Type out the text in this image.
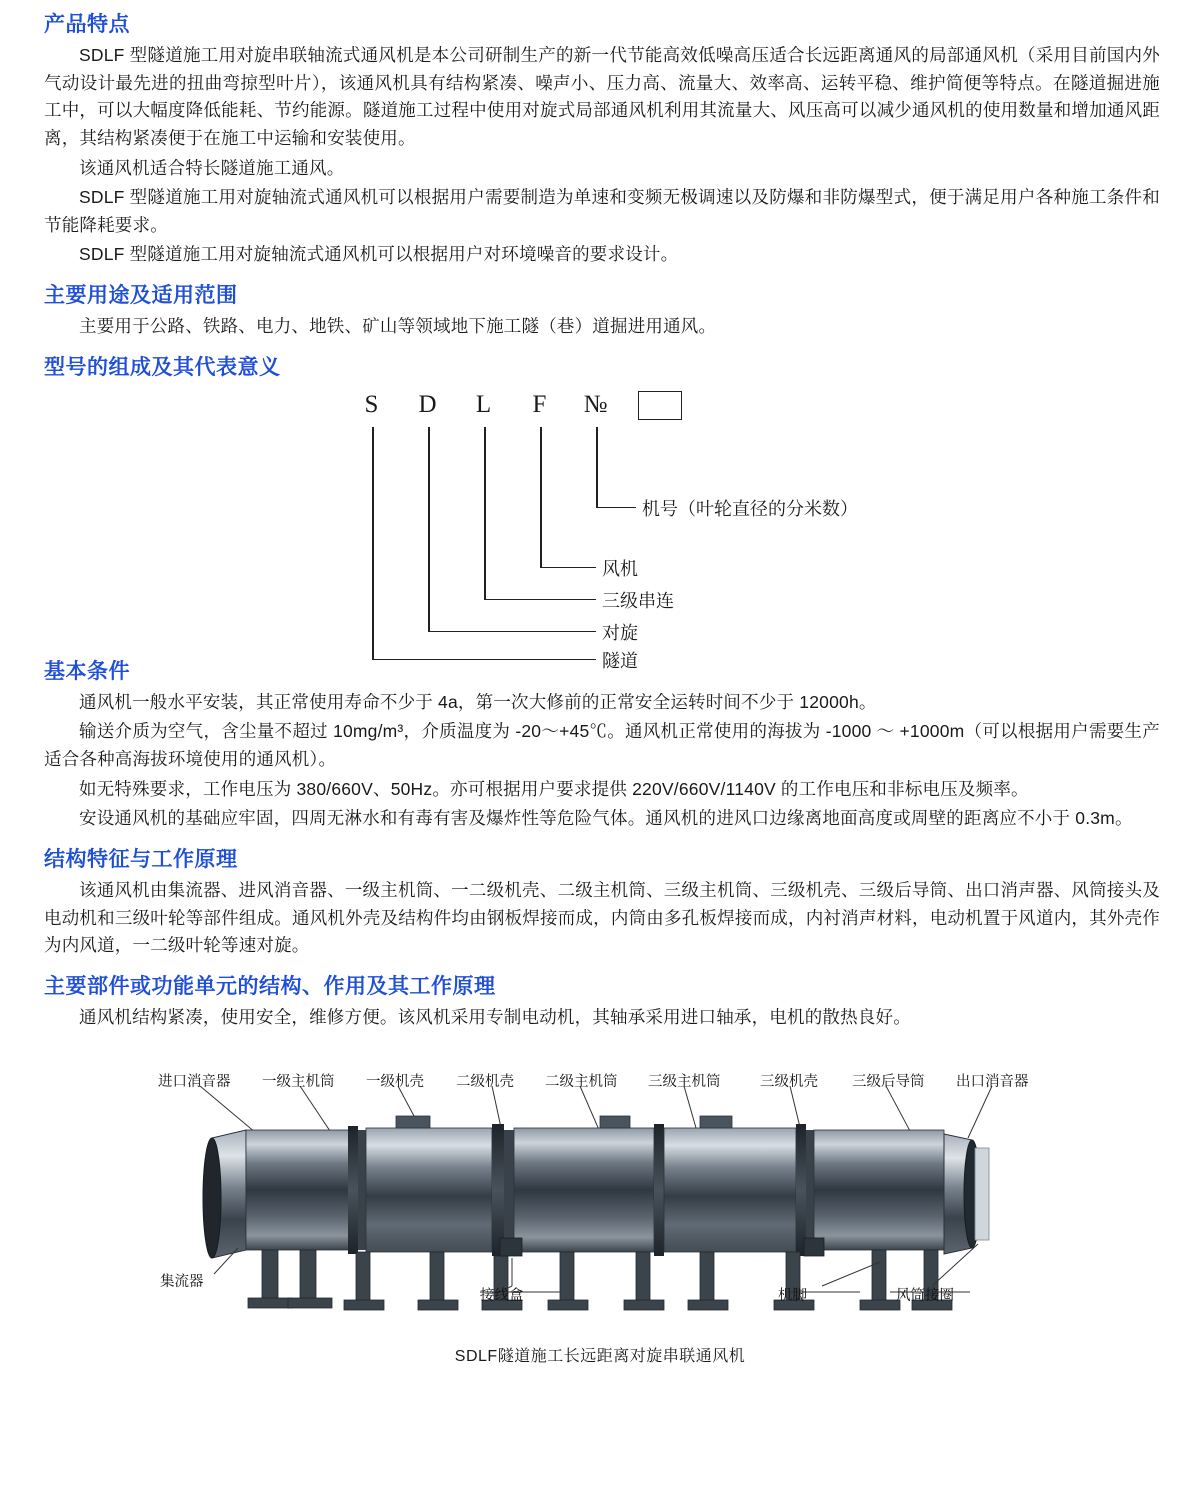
产品特点

SDLF 型隧道施工用对旋串联轴流式通风机是本公司研制生产的新一代节能高效低噪高压适合长远距离通风的局部通风机（采用目前国内外气动设计最先进的扭曲弯掠型叶片），该通风机具有结构紧凑、噪声小、压力高、流量大、效率高、运转平稳、维护简便等特点。在隧道掘进施工中，可以大幅度降低能耗、节约能源。隧道施工过程中使用对旋式局部通风机利用其流量大、风压高可以减少通风机的使用数量和增加通风距离，其结构紧凑便于在施工中运输和安装使用。

该通风机适合特长隧道施工通风。

SDLF 型隧道施工用对旋轴流式通风机可以根据用户需要制造为单速和变频无极调速以及防爆和非防爆型式，便于满足用户各种施工条件和节能降耗要求。

SDLF 型隧道施工用对旋轴流式通风机可以根据用户对环境噪音的要求设计。

主要用途及适用范围

主要用于公路、铁路、电力、地铁、矿山等领域地下施工隧（巷）道掘进用通风。

型号的组成及其代表意义
S	D	L	F	№
机号（叶轮直径的分米数）
风机
三级串连
对旋
隧道
基本条件

通风机一般水平安装，其正常使用寿命不少于 4a，第一次大修前的正常安全运转时间不少于 12000h。

输送介质为空气，含尘量不超过 10mg/m³，介质温度为 -20～+45℃。通风机正常使用的海拔为 -1000 ～ +1000m（可以根据用户需要生产适合各种高海拔环境使用的通风机）。

如无特殊要求，工作电压为 380/660V、50Hz。亦可根据用户要求提供 220V/660V/1140V 的工作电压和非标电压及频率。

安设通风机的基础应牢固，四周无淋水和有毒有害及爆炸性等危险气体。通风机的进风口边缘离地面高度或周壁的距离应不小于 0.3m。

结构特征与工作原理

该通风机由集流器、进风消音器、一级主机筒、一二级机壳、二级主机筒、三级主机筒、三级机壳、三级后导筒、出口消声器、风筒接头及电动机和三级叶轮等部件组成。通风机外壳及结构件均由钢板焊接而成，内筒由多孔板焊接而成，内衬消声材料，电动机置于风道内，其外壳作为内风道，一二级叶轮等速对旋。

主要部件或功能单元的结构、作用及其工作原理

通风机结构紧凑，使用安全，维修方便。该风机采用专制电动机，其轴承采用进口轴承，电机的散热良好。

进口消音器 一级主机筒 一级机壳 二级机壳 二级主机筒 三级主机筒	三级机壳 三级后导筒 出口消音器
集流器
接线盒	机脚	风筒接圈
SDLF隧道施工长远距离对旋串联通风机
